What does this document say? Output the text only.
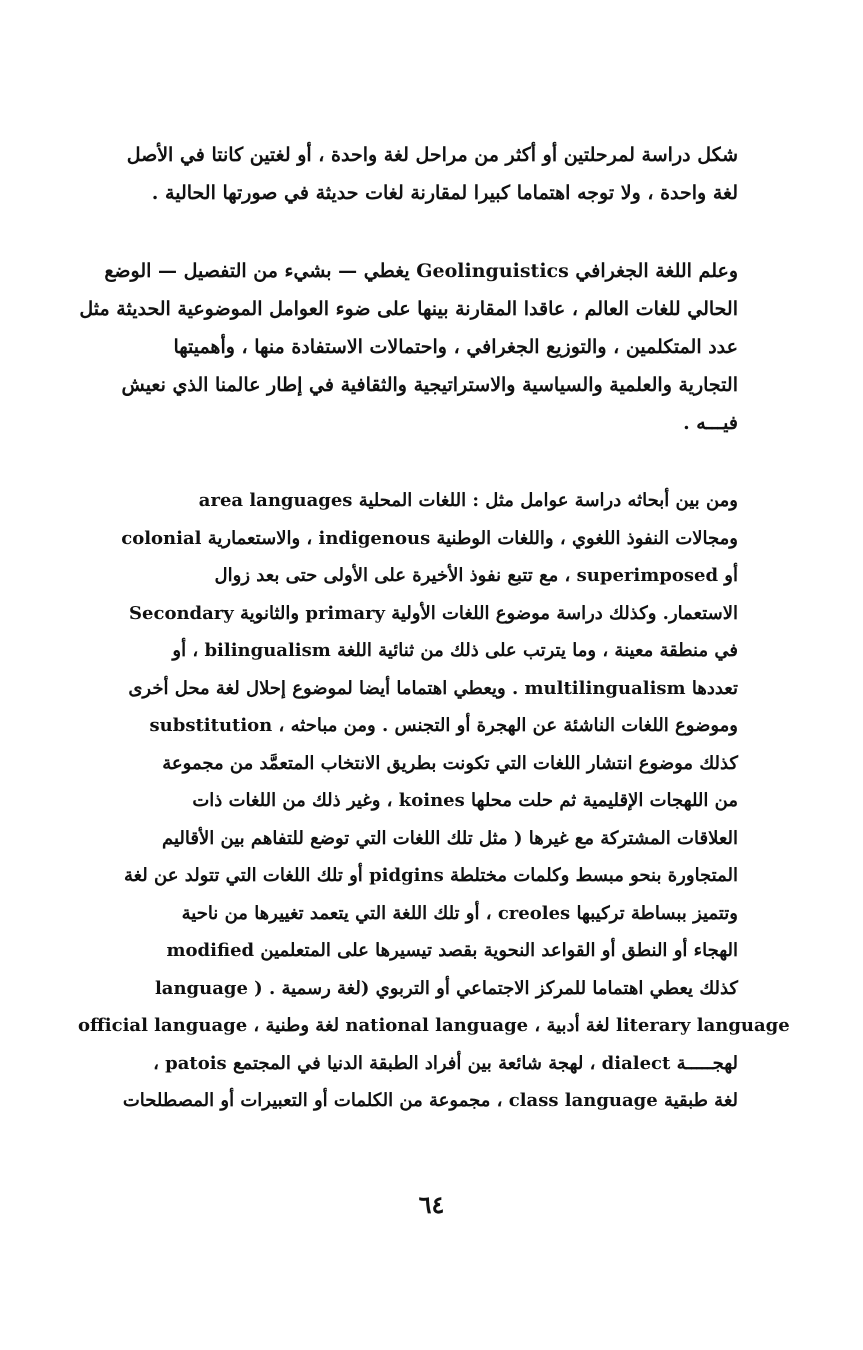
شكل دراسة لمرحلتين أو أكثر من مراحل لغة واحدة ، أو لغتين كانتا في الأصل
لغة واحدة ، ولا توجه اهتماما كبيرا لمقارنة لغات حديثة في صورتها الحالية .
وعلم اللغة الجغرافي Geolinguistics يغطي — بشيء من التفصيل — الوضع
الحالي للغات العالم ، عاقدا المقارنة بينها على ضوء العوامل الموضوعية الحديثة مثل
عدد المتكلمين ، والتوزيع الجغرافي ، واحتمالات الاستفادة منها ، وأهميتها
التجارية والعلمية والسياسية والاستراتيجية والثقافية في إطار عالمنا الذي نعيش
فيـــه .
ومن بين أبحاثه دراسة عوامل مثل : اللغات المحلية area languages
ومجالات النفوذ اللغوي ، واللغات الوطنية indigenous ، والاستعمارية colonial
أو superimposed ، مع تتبع نفوذ الأخيرة على الأولى حتى بعد زوال
الاستعمار. وكذلك دراسة موضوع اللغات الأولية primary والثانوية Secondary
في منطقة معينة ، وما يترتب على ذلك من ثنائية اللغة bilingualism ، أو
تعددها multilingualism . ويعطي اهتماما أيضا لموضوع إحلال لغة محل أخرى
substitution ، وموضوع اللغات الناشئة عن الهجرة أو التجنس . ومن مباحثه
كذلك موضوع انتشار اللغات التي تكونت بطريق الانتخاب المتعمَّد من مجموعة
من اللهجات الإقليمية ثم حلت محلها koines ، وغير ذلك من اللغات ذات
العلاقات المشتركة مع غيرها ( مثل تلك اللغات التي توضع للتفاهم بين الأقاليم
المتجاورة بنحو مبسط وكلمات مختلطة pidgins أو تلك اللغات التي تتولد عن لغة
وتتميز ببساطة تركيبها creoles ، أو تلك اللغة التي يتعمد تغييرها من ناحية
الهجاء أو النطق أو القواعد النحوية بقصد تيسيرها على المتعلمين modified
language ) . كذلك يعطي اهتماما للمركز الاجتماعي أو التربوي (لغة رسمية
official language ، لغة وطنية national language ، لغة أدبية literary language
لهجـــــة dialect ، لهجة شائعة بين أفراد الطبقة الدنيا في المجتمع patois ،
لغة طبقية class language ، مجموعة من الكلمات أو التعبيرات أو المصطلحات
٦٤
